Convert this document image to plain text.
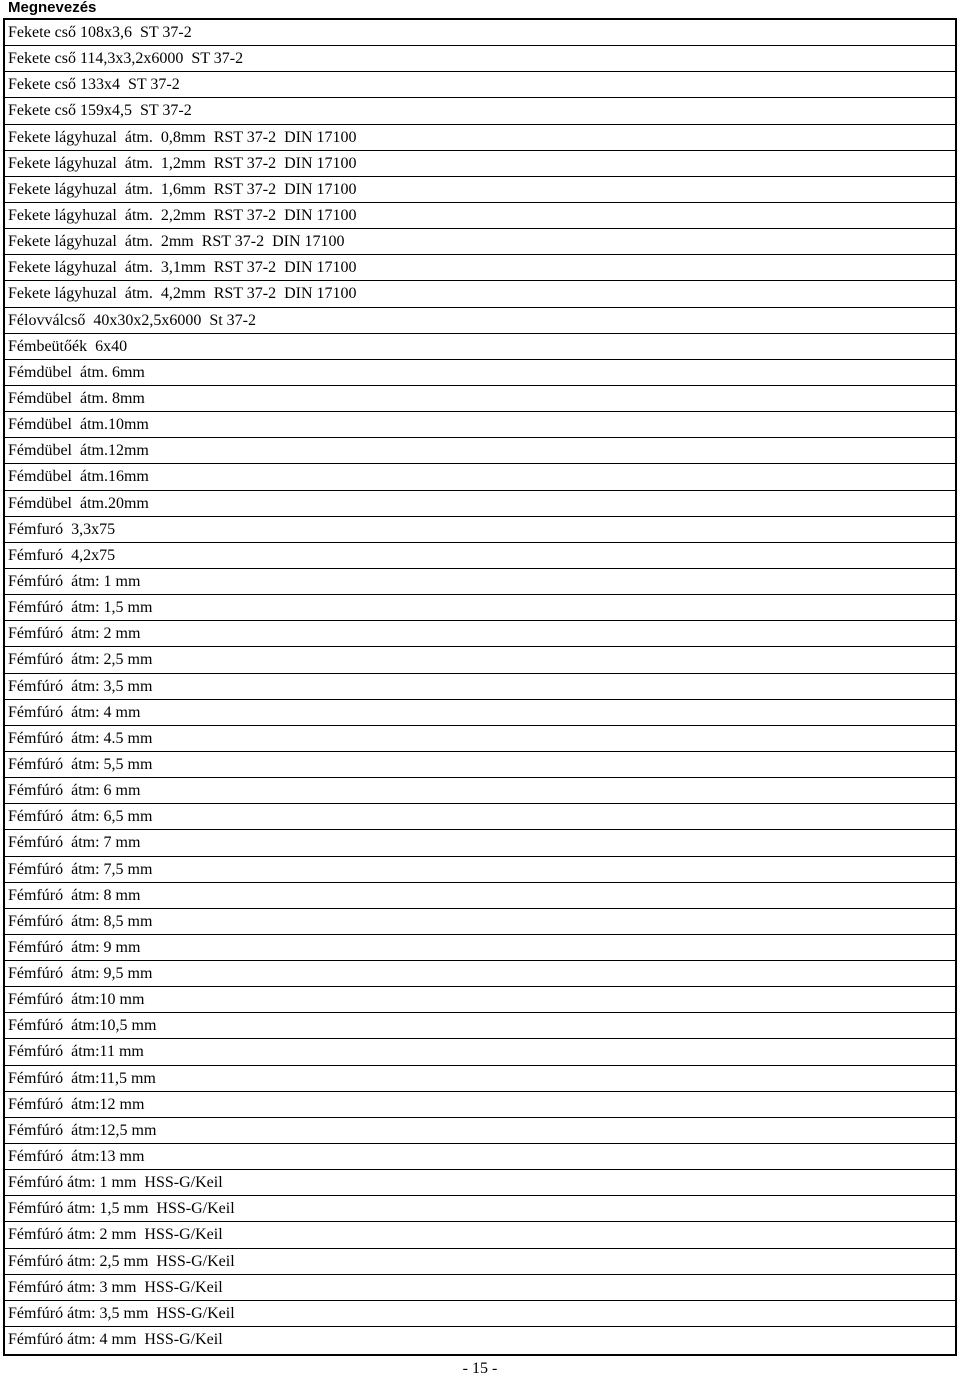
Megnevezés
Fekete cső 108x3,6  ST 37-2
Fekete cső 114,3x3,2x6000  ST 37-2
Fekete cső 133x4  ST 37-2
Fekete cső 159x4,5  ST 37-2
Fekete lágyhuzal  átm.  0,8mm  RST 37-2  DIN 17100
Fekete lágyhuzal  átm.  1,2mm  RST 37-2  DIN 17100
Fekete lágyhuzal  átm.  1,6mm  RST 37-2  DIN 17100
Fekete lágyhuzal  átm.  2,2mm  RST 37-2  DIN 17100
Fekete lágyhuzal  átm.  2mm  RST 37-2  DIN 17100
Fekete lágyhuzal  átm.  3,1mm  RST 37-2  DIN 17100
Fekete lágyhuzal  átm.  4,2mm  RST 37-2  DIN 17100
Félovválcső  40x30x2,5x6000  St 37-2
Fémbeütőék  6x40
Fémdübel  átm. 6mm
Fémdübel  átm. 8mm
Fémdübel  átm.10mm
Fémdübel  átm.12mm
Fémdübel  átm.16mm
Fémdübel  átm.20mm
Fémfuró  3,3x75
Fémfuró  4,2x75
Fémfúró  átm: 1 mm
Fémfúró  átm: 1,5 mm
Fémfúró  átm: 2 mm
Fémfúró  átm: 2,5 mm
Fémfúró  átm: 3,5 mm
Fémfúró  átm: 4 mm
Fémfúró  átm: 4.5 mm
Fémfúró  átm: 5,5 mm
Fémfúró  átm: 6 mm
Fémfúró  átm: 6,5 mm
Fémfúró  átm: 7 mm
Fémfúró  átm: 7,5 mm
Fémfúró  átm: 8 mm
Fémfúró  átm: 8,5 mm
Fémfúró  átm: 9 mm
Fémfúró  átm: 9,5 mm
Fémfúró  átm:10 mm
Fémfúró  átm:10,5 mm
Fémfúró  átm:11 mm
Fémfúró  átm:11,5 mm
Fémfúró  átm:12 mm
Fémfúró  átm:12,5 mm
Fémfúró  átm:13 mm
Fémfúró átm: 1 mm  HSS-G/Keil
Fémfúró átm: 1,5 mm  HSS-G/Keil
Fémfúró átm: 2 mm  HSS-G/Keil
Fémfúró átm: 2,5 mm  HSS-G/Keil
Fémfúró átm: 3 mm  HSS-G/Keil
Fémfúró átm: 3,5 mm  HSS-G/Keil
Fémfúró átm: 4 mm  HSS-G/Keil
- 15 -
